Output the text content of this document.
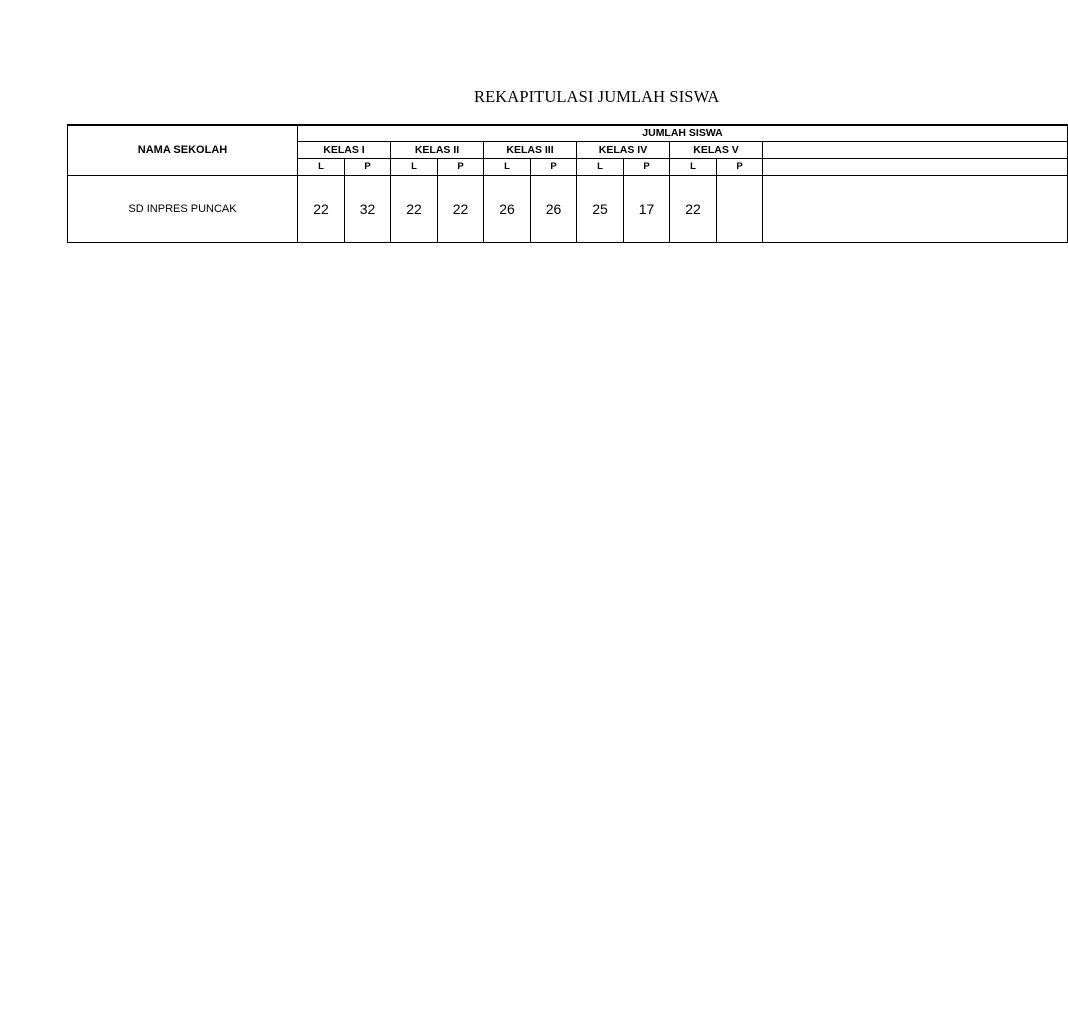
REKAPITULASI JUMLAH SISWA
NAMA SEKOLAH	JUMLAH SISWA										
	KELAS I		KELAS II		KELAS III		KELAS IV		KELAS V		
	L	P	L	P	L	P	L	P	L	P	
SD INPRES PUNCAK	22	32	22	22	26	26	25	17	22		
